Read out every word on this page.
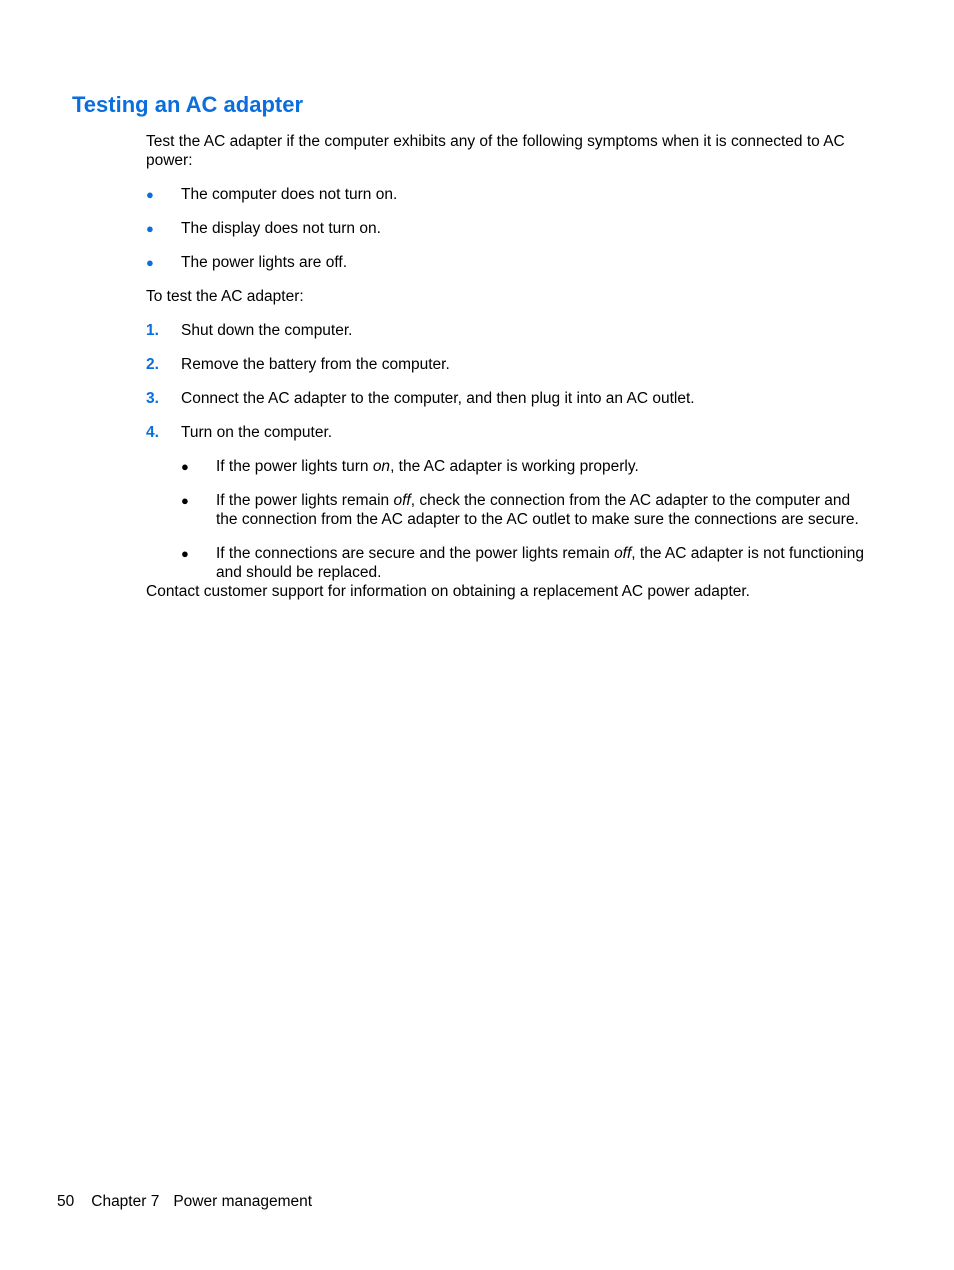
Testing an AC adapter

Test the AC adapter if the computer exhibits any of the following symptoms when it is connected to AC power:

● The computer does not turn on.
● The display does not turn on.
● The power lights are off.

To test the AC adapter:

1. Shut down the computer.
2. Remove the battery from the computer.
3. Connect the AC adapter to the computer, and then plug it into an AC outlet.
4. Turn on the computer.
● If the power lights turn on, the AC adapter is working properly.
● If the power lights remain off, check the connection from the AC adapter to the computer and the connection from the AC adapter to the AC outlet to make sure the connections are secure.
● If the connections are secure and the power lights remain off, the AC adapter is not functioning and should be replaced.

Contact customer support for information on obtaining a replacement AC power adapter.

50 Chapter 7 Power management
